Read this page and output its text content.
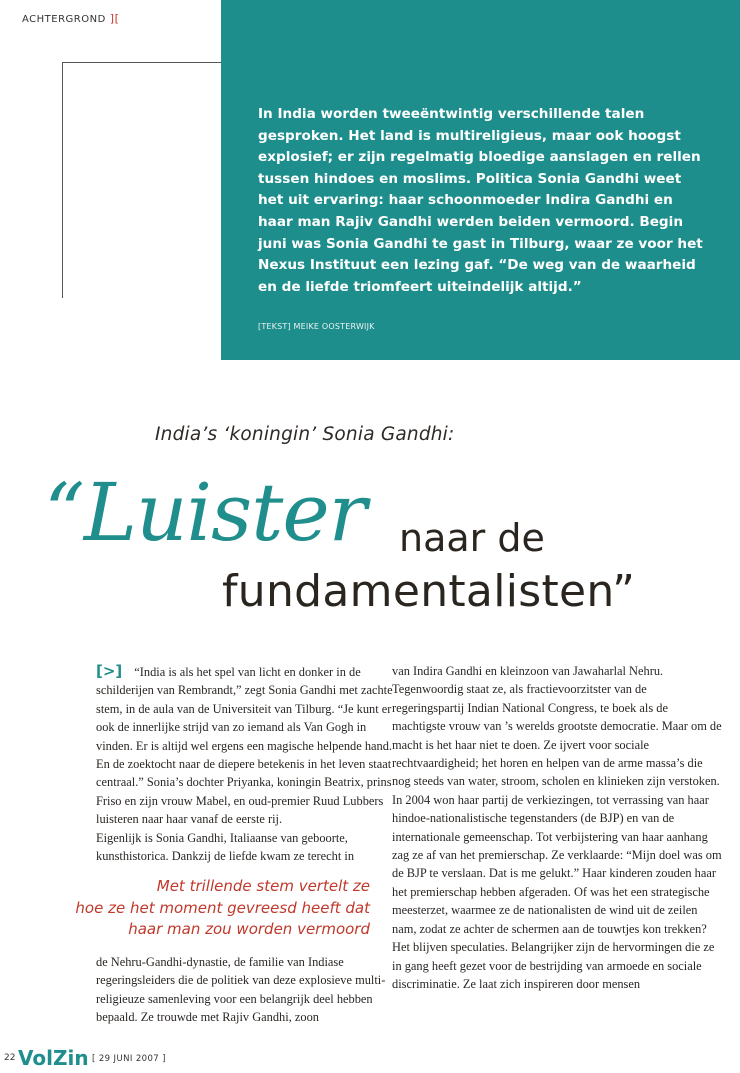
ACHTERGROND ][

In India worden tweeëntwintig verschillende talen gesproken. Het land is multireligieus, maar ook hoogst explosief; er zijn regelmatig bloedige aanslagen en rellen tussen hindoes en moslims. Politica Sonia Gandhi weet het uit ervaring: haar schoonmoeder Indira Gandhi en haar man Rajiv Gandhi werden beiden vermoord. Begin juni was Sonia Gandhi te gast in Tilburg, waar ze voor het Nexus Instituut een lezing gaf. “De weg van de waarheid en de liefde triomfeert uiteindelijk altijd.”

[TEKST] MEIKE OOSTERWIJK
India’s ‘koningin’ Sonia Gandhi:
“Luister naar de
fundamentalisten”

[>] “India is als het spel van licht en donker in de schilderijen van Rembrandt,” zegt Sonia Gandhi met zachte stem, in de aula van de Universiteit van Tilburg. “Je kunt er ook de innerlijke strijd van zo iemand als Van Gogh in vinden. Er is altijd wel ergens een magische helpende hand. En de zoektocht naar de diepere betekenis in het leven staat centraal.” Sonia’s dochter Priyanka, koningin Beatrix, prins Friso en zijn vrouw Mabel, en oud-premier Ruud Lubbers luisteren naar haar vanaf de eerste rij.

Eigenlijk is Sonia Gandhi, Italiaanse van geboorte, kunsthistorica. Dankzij de liefde kwam ze terecht in

Met trillende stem vertelt ze
hoe ze het moment gevreesd heeft dat
haar man zou worden vermoord

de Nehru-Gandhi-dynastie, de familie van Indiase regeringsleiders die de politiek van deze explosieve multi-religieuze samenleving voor een belangrijk deel hebben bepaald. Ze trouwde met Rajiv Gandhi, zoon

van Indira Gandhi en kleinzoon van Jawaharlal Nehru. Tegenwoordig staat ze, als fractievoorzitster van de regeringspartij Indian National Congress, te boek als de machtigste vrouw van ’s werelds grootste democratie. Maar om de macht is het haar niet te doen. Ze ijvert voor sociale rechtvaardigheid; het horen en helpen van de arme massa’s die nog steeds van water, stroom, scholen en klinieken zijn verstoken.

In 2004 won haar partij de verkiezingen, tot verrassing van haar hindoe-nationalistische tegenstanders (de BJP) en van de internationale gemeenschap. Tot verbijstering van haar aanhang zag ze af van het premierschap. Ze verklaarde: “Mijn doel was om de BJP te verslaan. Dat is me gelukt.” Haar kinderen zouden haar het premierschap hebben afgeraden. Of was het een strategische meesterzet, waarmee ze de nationalisten de wind uit de zeilen nam, zodat ze achter de schermen aan de touwtjes kon trekken? Het blijven speculaties. Belangrijker zijn de hervormingen die ze in gang heeft gezet voor de bestrijding van armoede en sociale discriminatie. Ze laat zich inspireren door mensen

22 VolZin [ 29 JUNI 2007 ]
